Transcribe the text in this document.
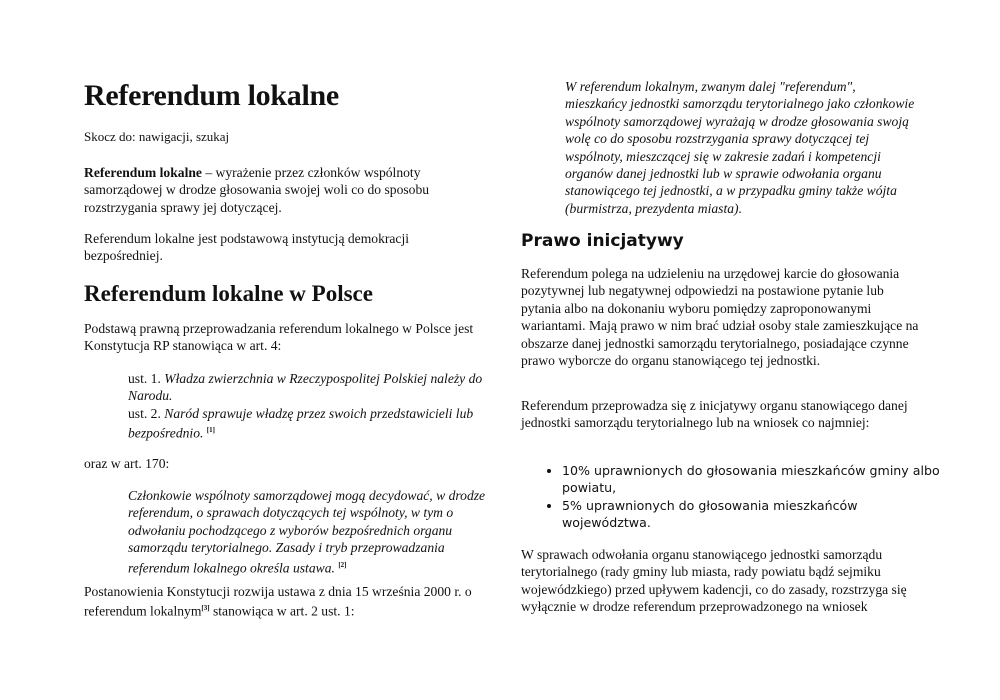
Referendum lokalne

Skocz do: nawigacji, szukaj

Referendum lokalne – wyrażenie przez członków wspólnoty samorządowej w drodze głosowania swojej woli co do sposobu rozstrzygania sprawy jej dotyczącej.

Referendum lokalne jest podstawową instytucją demokracji bezpośredniej.

Referendum lokalne w Polsce

Podstawą prawną przeprowadzania referendum lokalnego w Polsce jest Konstytucja RP stanowiąca w art. 4:

ust. 1. Władza zwierzchnia w Rzeczypospolitej Polskiej należy do Narodu.
ust. 2. Naród sprawuje władzę przez swoich przedstawicieli lub bezpośrednio. [1]

oraz w art. 170:

Członkowie wspólnoty samorządowej mogą decydować, w drodze referendum, o sprawach dotyczących tej wspólnoty, w tym o odwołaniu pochodzącego z wyborów bezpośrednich organu samorządu terytorialnego. Zasady i tryb przeprowadzania referendum lokalnego określa ustawa. [2]

Postanowienia Konstytucji rozwija ustawa z dnia 15 września 2000 r. o referendum lokalnym[3] stanowiąca w art. 2 ust. 1:

W referendum lokalnym, zwanym dalej "referendum", mieszkańcy jednostki samorządu terytorialnego jako członkowie wspólnoty samorządowej wyrażają w drodze głosowania swoją wolę co do sposobu rozstrzygania sprawy dotyczącej tej wspólnoty, mieszczącej się w zakresie zadań i kompetencji organów danej jednostki lub w sprawie odwołania organu stanowiącego tej jednostki, a w przypadku gminy także wójta (burmistrza, prezydenta miasta).

Prawo inicjatywy

Referendum polega na udzieleniu na urzędowej karcie do głosowania pozytywnej lub negatywnej odpowiedzi na postawione pytanie lub pytania albo na dokonaniu wyboru pomiędzy zaproponowanymi wariantami. Mają prawo w nim brać udział osoby stale zamieszkujące na obszarze danej jednostki samorządu terytorialnego, posiadające czynne prawo wyborcze do organu stanowiącego tej jednostki.

Referendum przeprowadza się z inicjatywy organu stanowiącego danej jednostki samorządu terytorialnego lub na wniosek co najmniej:

• 10% uprawnionych do głosowania mieszkańców gminy albo powiatu,
• 5% uprawnionych do głosowania mieszkańców województwa.

W sprawach odwołania organu stanowiącego jednostki samorządu terytorialnego (rady gminy lub miasta, rady powiatu bądź sejmiku wojewódzkiego) przed upływem kadencji, co do zasady, rozstrzyga się wyłącznie w drodze referendum przeprowadzonego na wniosek
